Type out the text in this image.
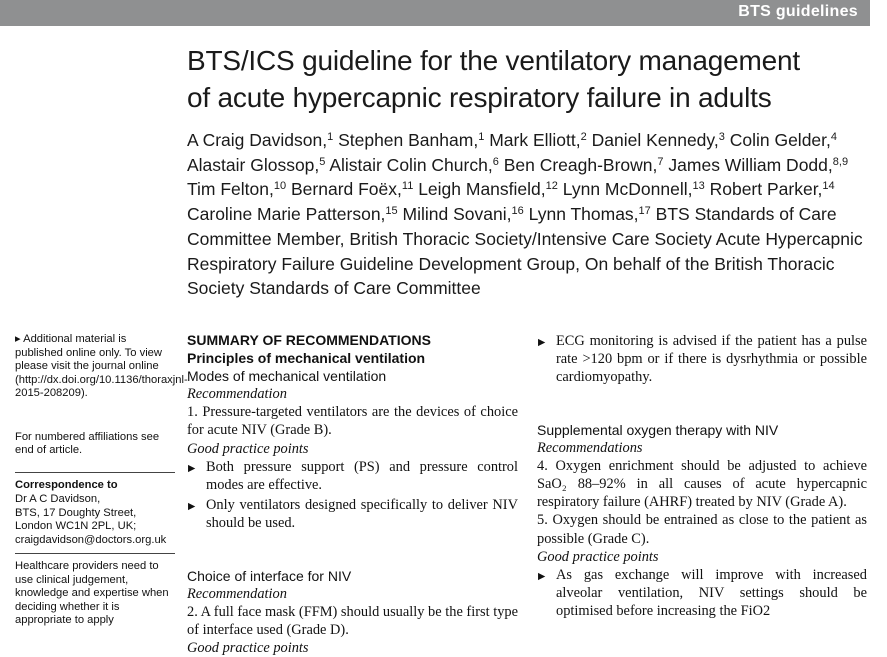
BTS guidelines
BTS/ICS guideline for the ventilatory management
of acute hypercapnic respiratory failure in adults
A Craig Davidson,$^1$ Stephen Banham,$^1$ Mark Elliott,$^2$ Daniel Kennedy,$^3$ Colin Gelder,$^4$ Alastair Glossop,$^5$ Alistair Colin Church,$^6$ Ben Creagh-Brown,$^7$ James William Dodd,$^{8,9}$ Tim Felton,$^{10}$ Bernard Foëx,$^{11}$ Leigh Mansfield,$^{12}$ Lynn McDonnell,$^{13}$ Robert Parker,$^{14}$ Caroline Marie Patterson,$^{15}$ Milind Sovani,$^{16}$ Lynn Thomas,$^{17}$ BTS Standards of Care Committee Member, British Thoracic Society/Intensive Care Society Acute Hypercapnic Respiratory Failure Guideline Development Group, On behalf of the British Thoracic Society Standards of Care Committee

▸ Additional material is published online only. To view please visit the journal online (http://dx.doi.org/10.1136/thoraxjnl-2015-208209).

For numbered affiliations see end of article.

Correspondence to

Dr A C Davidson,

BTS, 17 Doughty Street,

London WC1N 2PL, UK;

craigdavidson@doctors.org.uk

Healthcare providers need to use clinical judgement, knowledge and expertise when deciding whether it is appropriate to apply

SUMMARY OF RECOMMENDATIONS

Principles of mechanical ventilation

Modes of mechanical ventilation

Recommendation

1. Pressure-targeted ventilators are the devices of choice for acute NIV (Grade B).

Good practice points

▶ Both pressure support (PS) and pressure control modes are effective.

▶ Only ventilators designed specifically to deliver NIV should be used.

Choice of interface for NIV

Recommendation

2. A full face mask (FFM) should usually be the first type of interface used (Grade D).

Good practice points

▶ ECG monitoring is advised if the patient has a pulse rate >120 bpm or if there is dysrhythmia or possible cardiomyopathy.

Supplemental oxygen therapy with NIV

Recommendations

4. Oxygen enrichment should be adjusted to achieve SaO₂ 88–92% in all causes of acute hypercapnic respiratory failure (AHRF) treated by NIV (Grade A).

5. Oxygen should be entrained as close to the patient as possible (Grade C).

Good practice points

▶ As gas exchange will improve with increased alveolar ventilation, NIV settings should be optimised before increasing the FiO2
